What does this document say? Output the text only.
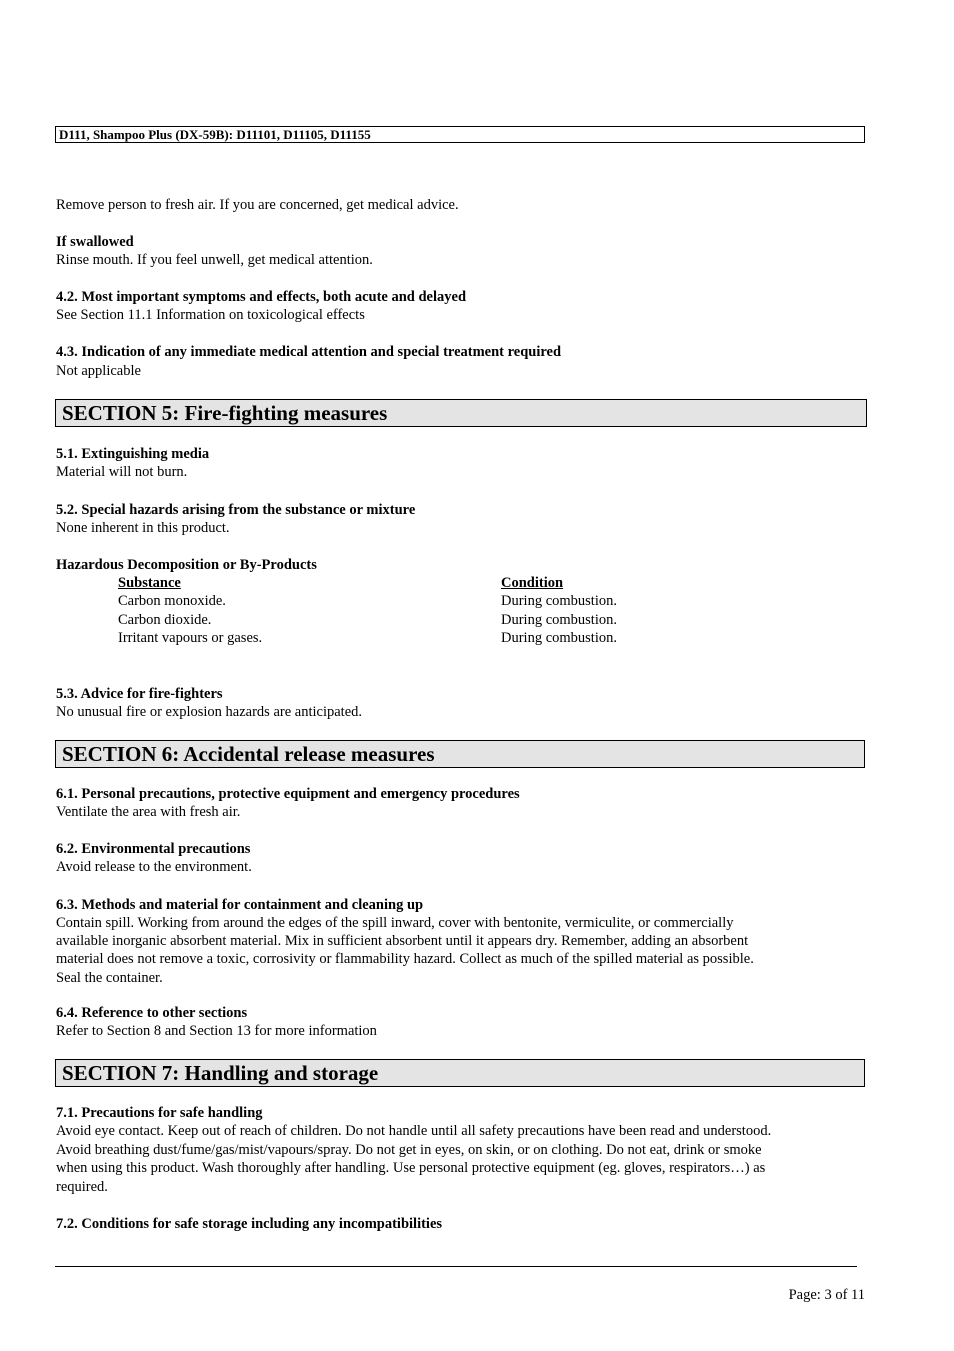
D111, Shampoo Plus (DX-59B): D11101, D11105, D11155
Remove person to fresh air. If you are concerned, get medical advice.
If swallowed
Rinse mouth. If you feel unwell, get medical attention.
4.2. Most important symptoms and effects, both acute and delayed
See Section 11.1 Information on toxicological effects
4.3. Indication of any immediate medical attention and special treatment required
Not applicable
SECTION 5: Fire-fighting measures
5.1. Extinguishing media
Material will not burn.
5.2. Special hazards arising from the substance or mixture
None inherent in this product.
Hazardous Decomposition or By-Products
Substance	Condition
Carbon monoxide.	During combustion.
Carbon dioxide.	During combustion.
Irritant vapours or gases.	During combustion.
5.3. Advice for fire-fighters
No unusual fire or explosion hazards are anticipated.
SECTION 6: Accidental release measures
6.1. Personal precautions, protective equipment and emergency procedures
Ventilate the area with fresh air.
6.2. Environmental precautions
Avoid release to the environment.
6.3. Methods and material for containment and cleaning up
Contain spill. Working from around the edges of the spill inward, cover with bentonite, vermiculite, or commercially
available inorganic absorbent material. Mix in sufficient absorbent until it appears dry. Remember, adding an absorbent
material does not remove a toxic, corrosivity or flammability hazard. Collect as much of the spilled material as possible.
Seal the container.
6.4. Reference to other sections
Refer to Section 8 and Section 13 for more information
SECTION 7: Handling and storage
7.1. Precautions for safe handling
Avoid eye contact. Keep out of reach of children. Do not handle until all safety precautions have been read and understood.
Avoid breathing dust/fume/gas/mist/vapours/spray. Do not get in eyes, on skin, or on clothing. Do not eat, drink or smoke
when using this product. Wash thoroughly after handling. Use personal protective equipment (eg. gloves, respirators…) as
required.
7.2. Conditions for safe storage including any incompatibilities
Page: 3 of 11
